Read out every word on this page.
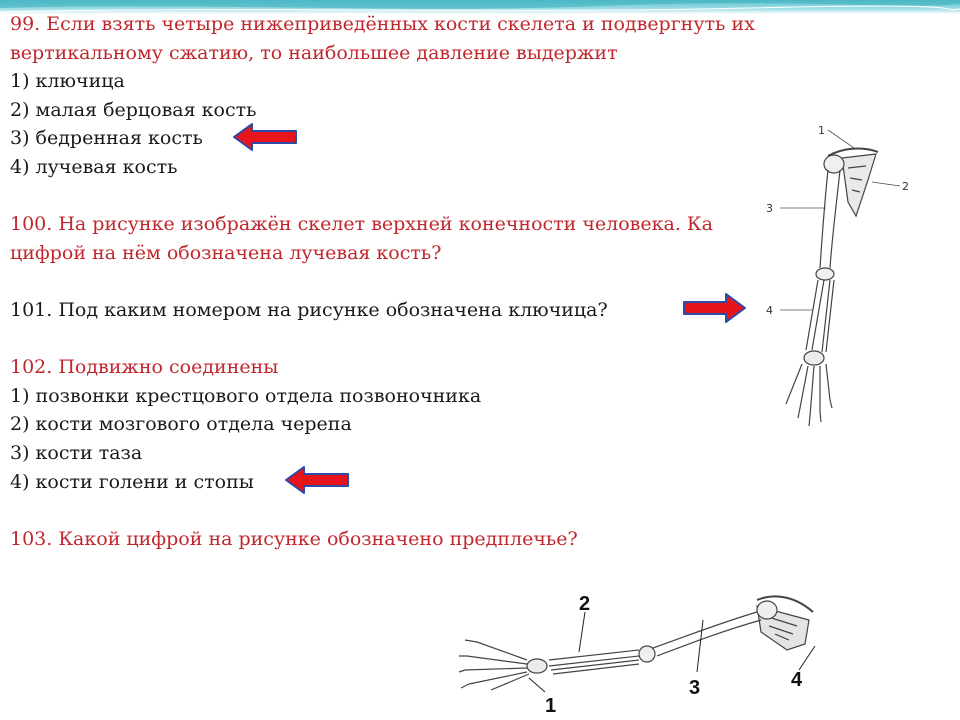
99. Если взять четыре нижеприведённых кости скелета и подвергнуть их

вертикальному сжатию, то наибольшее давление выдержит

1) ключица

2) малая берцовая кость

3) бедренная кость

4) лучевая кость

100. На рисунке изображён скелет верхней конечности человека. Ка

цифрой на нём обозначена лучевая кость?

101. Под каким номером на рисунке обозначена ключица?

102. Подвижно соединены

1) позвонки крестцового отдела позвоночника

2) кости мозгового отдела черепа

3) кости таза

4) кости голени и стопы

103. Какой цифрой на рисунке обозначено предплечье?

1
2
3
4
2
4
3
1
